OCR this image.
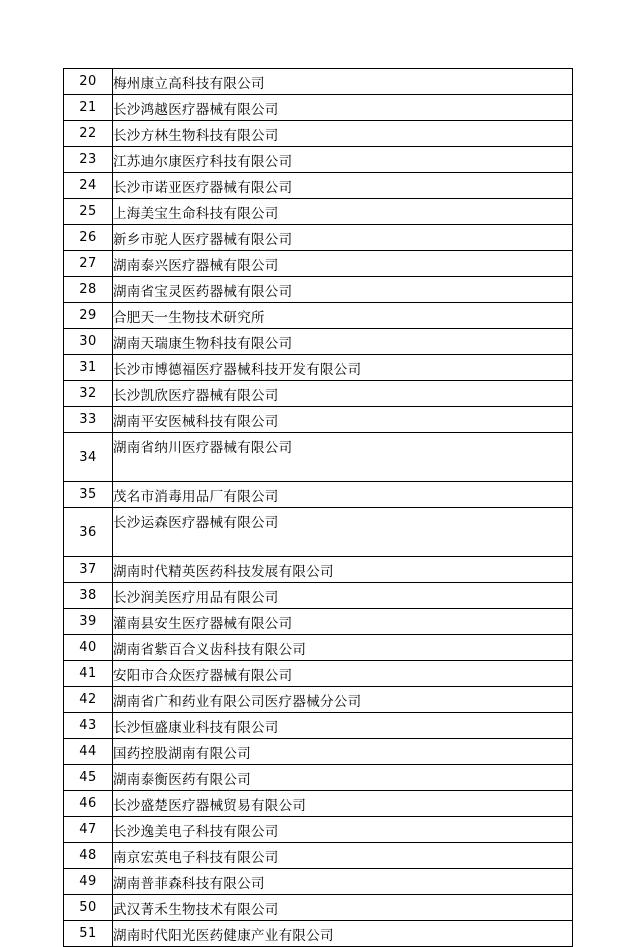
20	梅州康立高科技有限公司
21	长沙鸿越医疗器械有限公司
22	长沙方林生物科技有限公司
23	江苏迪尔康医疗科技有限公司
24	长沙市诺亚医疗器械有限公司
25	上海美宝生命科技有限公司
26	新乡市驼人医疗器械有限公司
27	湖南泰兴医疗器械有限公司
28	湖南省宝灵医药器械有限公司
29	合肥天一生物技术研究所
30	湖南天瑞康生物科技有限公司
31	长沙市博德福医疗器械科技开发有限公司
32	长沙凯欣医疗器械有限公司
33	湖南平安医械科技有限公司
34	湖南省纳川医疗器械有限公司
35	茂名市消毒用品厂有限公司
36	长沙运森医疗器械有限公司
37	湖南时代精英医药科技发展有限公司
38	长沙润美医疗用品有限公司
39	灌南县安生医疗器械有限公司
40	湖南省紫百合义齿科技有限公司
41	安阳市合众医疗器械有限公司
42	湖南省广和药业有限公司医疗器械分公司
43	长沙恒盛康业科技有限公司
44	国药控股湖南有限公司
45	湖南泰衡医药有限公司
46	长沙盛楚医疗器械贸易有限公司
47	长沙逸美电子科技有限公司
48	南京宏英电子科技有限公司
49	湖南普菲森科技有限公司
50	武汉菁禾生物技术有限公司
51	湖南时代阳光医药健康产业有限公司
